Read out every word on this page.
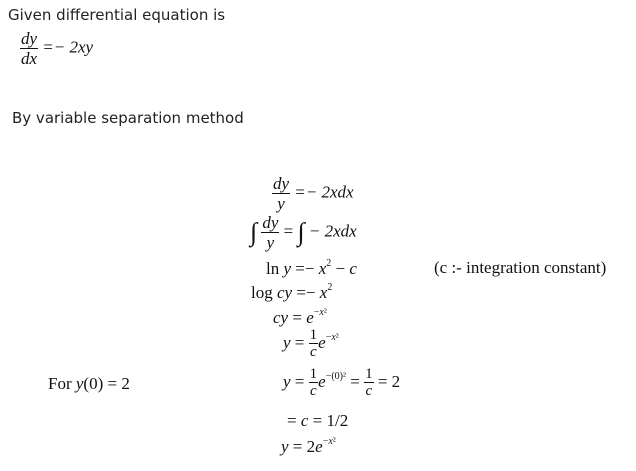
Given differential equation is
$\frac{dy}{dx} =- 2xy$
By variable separation method
$\frac{dy}{y} =- 2xdx$
∫ $\frac{dy}{y}$ = ∫ − 2xdx
$\ln y =- x^2 - c$	(c :- integration constant)
log cy =− $x^2$
cy = $e^{-x^2}$
$y = \frac{1}{c} e^{-x^2}$
For y(0) = 2	$y = \frac{1}{c} e^{-(0)^2} = \frac{1}{c} = 2$
= c = 1/2
$y = 2e^{-x^2}$
